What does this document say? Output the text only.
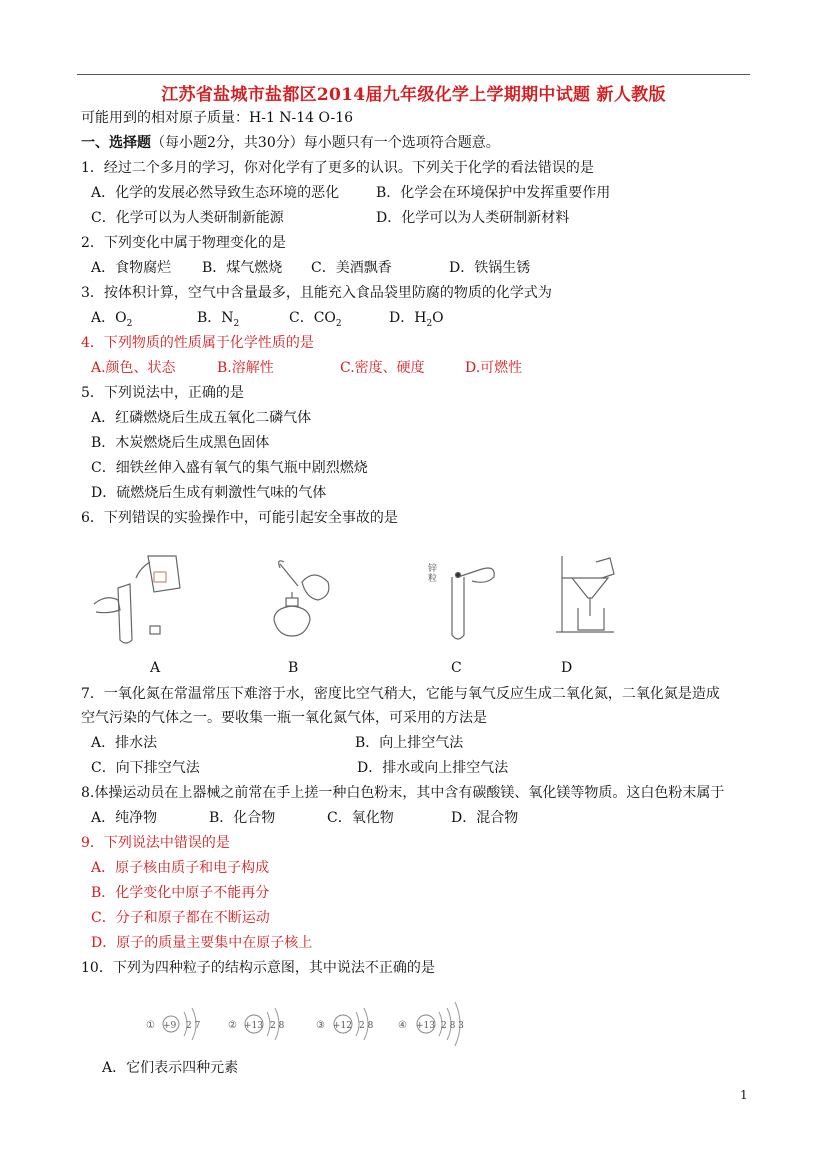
江苏省盐城市盐都区2014届九年级化学上学期期中试题 新人教版
可能用到的相对原子质量：H-1 N-14 O-16
一、选择题（每小题2分，共30分）每小题只有一个选项符合题意。
1．经过二个多月的学习，你对化学有了更多的认识。下列关于化学的看法错误的是
A．化学的发展必然导致生态环境的恶化	B．化学会在环境保护中发挥重要作用
C．化学可以为人类研制新能源	D．化学可以为人类研制新材料
2．下列变化中属于物理变化的是
A．食物腐烂 B．煤气燃烧 C．美酒飘香	D．铁锅生锈
3．按体积计算，空气中含量最多，且能充入食品袋里防腐的物质的化学式为
A．$O_2$	B．$N_2$	C．$CO_2$	D．$H_2O$
4．下列物质的性质属于化学性质的是
A.颜色、状态	B.溶解性	C.密度、硬度	D.可燃性
5．下列说法中，正确的是
A．红磷燃烧后生成五氧化二磷气体
B．木炭燃烧后生成黑色固体
C．细铁丝伸入盛有氧气的集气瓶中剧烈燃烧
D．硫燃烧后生成有刺激性气味的气体
6．下列错误的实验操作中，可能引起安全事故的是
锌粒
A	B	C	D
7．一氧化氮在常温常压下难溶于水，密度比空气稍大，它能与氧气反应生成二氧化氮，二氧化氮是造成
空气污染的气体之一。要收集一瓶一氧化氮气体，可采用的方法是
A．排水法	B．向上排空气法
C．向下排空气法	D．排水或向上排空气法
8.体操运动员在上器械之前常在手上搓一种白色粉末，其中含有碳酸镁、氧化镁等物质。这白色粉末属于
A．纯净物	B．化合物	C．氧化物	D．混合物
9．下列说法中错误的是
A．原子核由质子和电子构成
B．化学变化中原子不能再分
C．分子和原子都在不断运动
D．原子的质量主要集中在原子核上
10．下列为四种粒子的结构示意图，其中说法不正确的是
① +9 2 7	② +13 2 8	③ +12 2 8 ④ +13 2 8 3
A．它们表示四种元素
1
